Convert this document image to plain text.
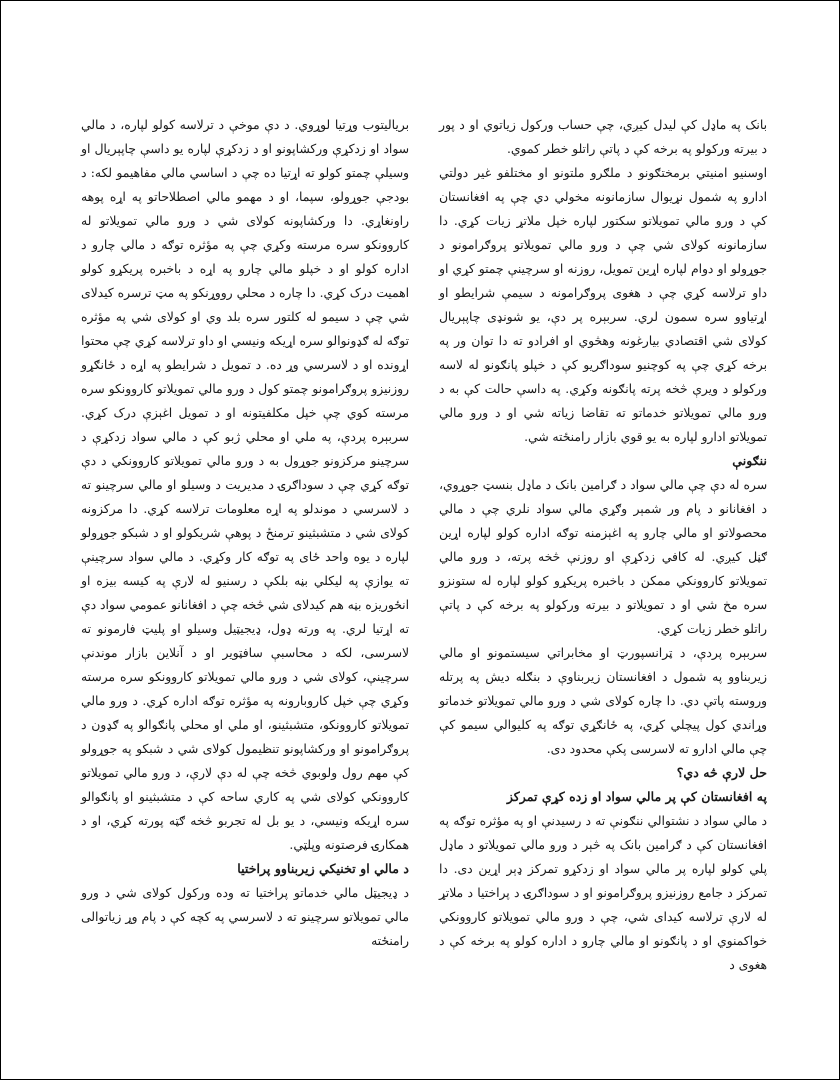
بانک په ماډل کې ليدل کيږي، چې حساب ورکول زياتوي او د پور د بيرته ورکولو په برخه کې د پاتې راتلو خطر کموي.

اوسنيو امنيتي برمختګونو د ملګرو ملتونو او مختلفو غير دولتي ادارو په شمول نړيوال سازمانونه مخولي دي چې په افغانستان کې د ورو مالي تمويلاتو سکتور لپاره خپل ملاتړ زيات کړي. دا سازمانونه کولای شي چې د ورو مالي تمويلاتو پروګرامونو د جوړولو او دوام لپاره اړين تمويل، روزنه او سرچينې چمتو کړي او داو ترلاسه کړي چې د هغوی پروګرامونه د سيمې شرايطو او اړتياوو سره سمون لري. سربېره پر دې، يو شونډی چاپېريال کولای شي اقتصادي بيارغونه وهڅوي او افرادو ته دا توان ور په برخه کړي چې په کوچنيو سوداګريو کې د خپلو پانګونو له لاسه ورکولو د ويرې څخه پرته پانګونه وکړي. په داسې حالت کې به د ورو مالي تمويلاتو خدماتو ته تقاضا زياته شي او د ورو مالي تمويلاتو ادارو لپاره به يو قوي بازار رامنځته شي.

ننګونې

سره له دې چې مالي سواد د ګرامين بانک د ماډل بنسټ جوړوي، د افغانانو د پام ور شمېر وګړي مالي سواد نلري چې د مالي محصولاتو او مالي چارو په اغېزمنه توګه اداره کولو لپاره اړين ګڼل کيږي. له کافي زدکړې او روزنې څخه پرته، د ورو مالي تمويلاتو کاروونکي ممکن د باخبره پريکړو کولو لپاره له ستونزو سره مخ شي او د تمويلاتو د بيرته ورکولو په برخه کې د پاتې راتلو خطر زيات کړي.

سربېره پردې، د ټرانسپورټ او مخابراتي سيستمونو او مالي زيربناوو په شمول د افغانستان زيربناوې د بنګله ديش په پرتله وروسته پاتې دي. دا چاره کولای شي د ورو مالي تمويلاتو خدماتو وړاندي کول پيچلي کړي، په ځانګړي توګه په کليوالي سيمو کې چې مالي ادارو ته لاسرسی پکې محدود دی.

حل لارې څه دي؟
په افغانستان کې پر مالي سواد او زده کړې تمرکز

د مالي سواد د نشتوالي ننګونې ته د رسيدنې او په مؤثره توګه په افغانستان کې د ګرامين بانک په څېر د ورو مالي تمويلاتو د ماډل پلي کولو لپاره پر مالي سواد او زدکړو تمرکز ډېر اړين دی. دا تمرکز د جامع روزنيزو پروګرامونو او د سوداګرۍ د پراختيا د ملاتړ له لارې ترلاسه کيدای شي، چې د ورو مالي تمويلاتو کاروونکي خواکمنوي او د پانګونو او مالي چارو د اداره کولو په برخه کې د هغوی د

برياليتوب وړتيا لوړوي. د دې موخې د ترلاسه کولو لپاره، د مالي سواد او زدکړې ورکشاپونو او د زدکړې لپاره يو داسې چاپېريال او وسيلې چمتو کولو ته اړتيا ده چې د اساسي مالي مفاهيمو لکه: د بودجې جوړولو، سپما، او د مهمو مالي اصطلاحاتو په اړه پوهه راونغاړي. دا ورکشاپونه کولای شي د ورو مالي تمويلاتو له کاروونکو سره مرسته وکړي چې په مؤثره توګه د مالي چارو د اداره کولو او د خپلو مالي چارو په اړه د باخبره پريکړو کولو اهميت درک کړي. دا چاره د محلي رووړنکو په مټ ترسره کيدلای شي چې د سيمو له کلتور سره بلد وي او کولای شي په مؤثره توګه له ګډونوالو سره اړيکه ونيسي او داو ترلاسه کړي چې محتوا اړونده او د لاسرسي وړ ده. د تمويل د شرايطو په اړه د ځانګړو روزنيزو پروګرامونو چمتو کول د ورو مالي تمويلاتو کاروونکو سره مرسته کوي چې خپل مکلفيتونه او د تمويل اغېزې درک کړي. سربېره پردې، په ملي او محلي ژبو کې د مالي سواد زدکړې د سرچينو مرکزونو جوړول به د ورو مالي تمويلاتو کاروونکي د دې توګه کړي چې د سوداګرۍ د مديريت د وسيلو او مالي سرچينو ته د لاسرسي د موندلو په اړه معلومات ترلاسه کړي. دا مرکزونه کولای شي د متشبثينو ترمنځ د پوهې شريکولو او د شبکو جوړولو لپاره د يوه واحد ځای په توګه کار وکړي. د مالي سواد سرچينې ته يوازې په ليکلي بڼه بلکې د رسنيو له لارې په کيسه بيزه او انځوريزه بڼه هم کيدلای شي څخه چې د افغانانو عمومي سواد دې ته اړتيا لري. په ورته ډول، ډيجيټيل وسيلو او پليټ فارمونو ته لاسرسی، لکه د محاسبې سافټوير او د آنلاين بازار موندنې سرچينې، کولای شي د ورو مالي تمويلاتو کاروونکو سره مرسته وکړي چې خپل کاروبارونه په مؤثره توګه اداره کړي. د ورو مالي تمويلاتو کاروونکو، متشبثينو، او ملي او محلي پانګوالو په ګډون د پروګرامونو او ورکشاپونو تنظيمول کولای شي د شبکو په جوړولو کې مهم رول ولوبوي څخه چې له دې لارې، د ورو مالي تمويلاتو کاروونکي کولای شي په کاري ساحه کې د متشبثينو او پانګوالو سره اړيکه ونيسي، د يو بل له تجربو څخه ګټه پورته کړي، او د همکارۍ فرصتونه وپلټي.

د مالي او تخنيکي زيربناوو پراختيا

د ډيجيټل مالي خدماتو پراختيا ته وده ورکول کولای شي د ورو مالي تمويلاتو سرچينو ته د لاسرسي په کچه کې د پام وړ زياتوالی رامنځته
